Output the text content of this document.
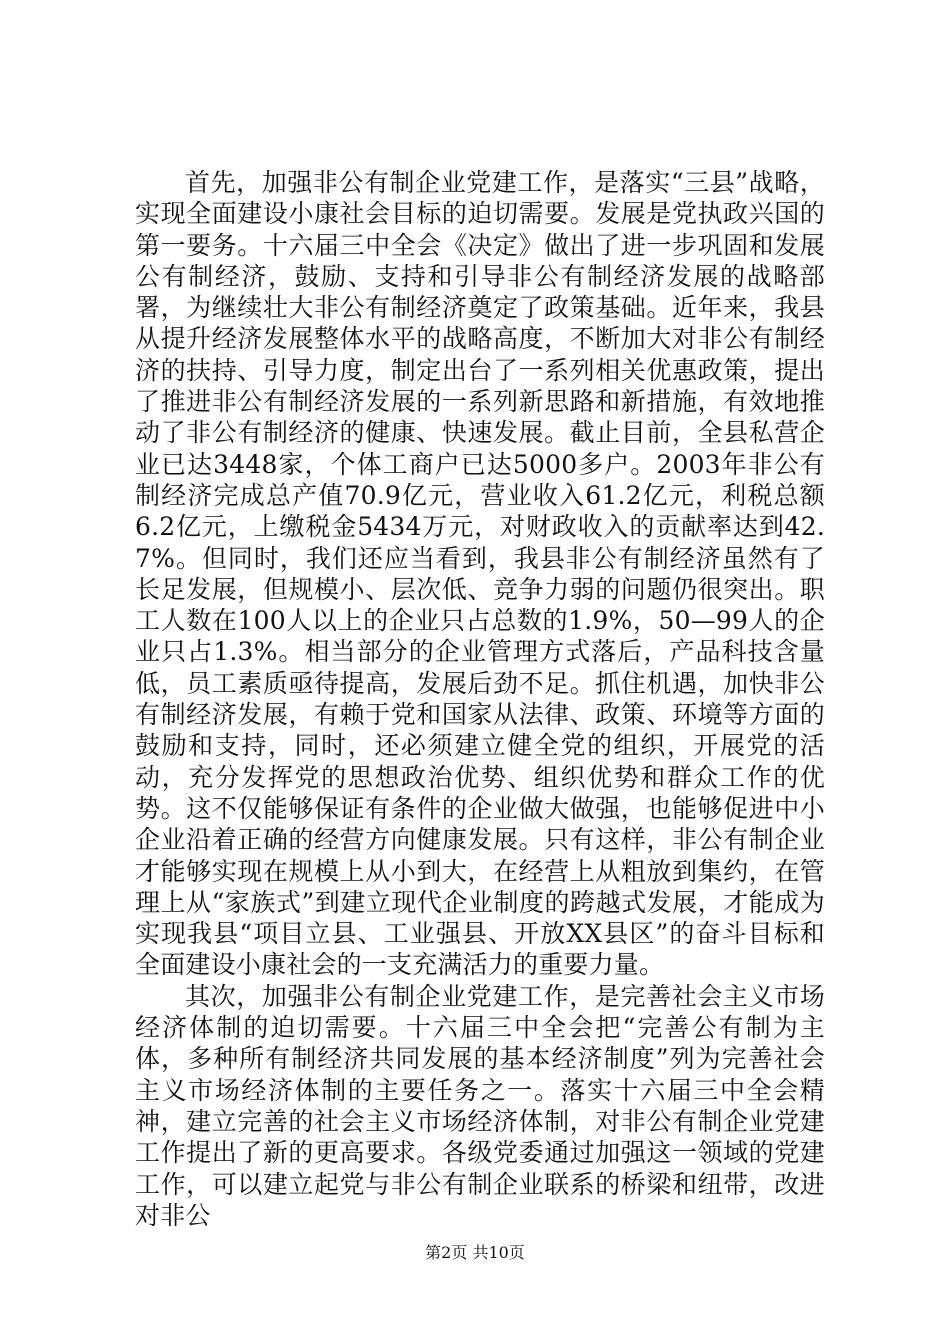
首先，加强非公有制企业党建工作，是落实“三县”战略，实现全面建设小康社会目标的迫切需要。发展是党执政兴国的第一要务。十六届三中全会《决定》做出了进一步巩固和发展公有制经济，鼓励、支持和引导非公有制经济发展的战略部署，为继续壮大非公有制经济奠定了政策基础。近年来，我县从提升经济发展整体水平的战略高度，不断加大对非公有制经济的扶持、引导力度，制定出台了一系列相关优惠政策，提出了推进非公有制经济发展的一系列新思路和新措施，有效地推动了非公有制经济的健康、快速发展。截止目前，全县私营企业已达3448家，个体工商户已达5000多户。2003年非公有制经济完成总产值70.9亿元，营业收入61.2亿元，利税总额6.2亿元，上缴税金5434万元，对财政收入的贡献率达到42.7%。但同时，我们还应当看到，我县非公有制经济虽然有了长足发展，但规模小、层次低、竞争力弱的问题仍很突出。职工人数在100人以上的企业只占总数的1.9%，50—99人的企业只占1.3%。相当部分的企业管理方式落后，产品科技含量低，员工素质亟待提高，发展后劲不足。抓住机遇，加快非公有制经济发展，有赖于党和国家从法律、政策、环境等方面的鼓励和支持，同时，还必须建立健全党的组织，开展党的活动，充分发挥党的思想政治优势、组织优势和群众工作的优势。这不仅能够保证有条件的企业做大做强，也能够促进中小企业沿着正确的经营方向健康发展。只有这样，非公有制企业才能够实现在规模上从小到大，在经营上从粗放到集约，在管理上从“家族式”到建立现代企业制度的跨越式发展，才能成为实现我县“项目立县、工业强县、开放XX县区”的奋斗目标和全面建设小康社会的一支充满活力的重要力量。

其次，加强非公有制企业党建工作，是完善社会主义市场经济体制的迫切需要。十六届三中全会把“完善公有制为主体，多种所有制经济共同发展的基本经济制度”列为完善社会主义市场经济体制的主要任务之一。落实十六届三中全会精神，建立完善的社会主义市场经济体制，对非公有制企业党建工作提出了新的更高要求。各级党委通过加强这一领域的党建工作，可以建立起党与非公有制企业联系的桥梁和纽带，改进对非公

第2页 共10页
